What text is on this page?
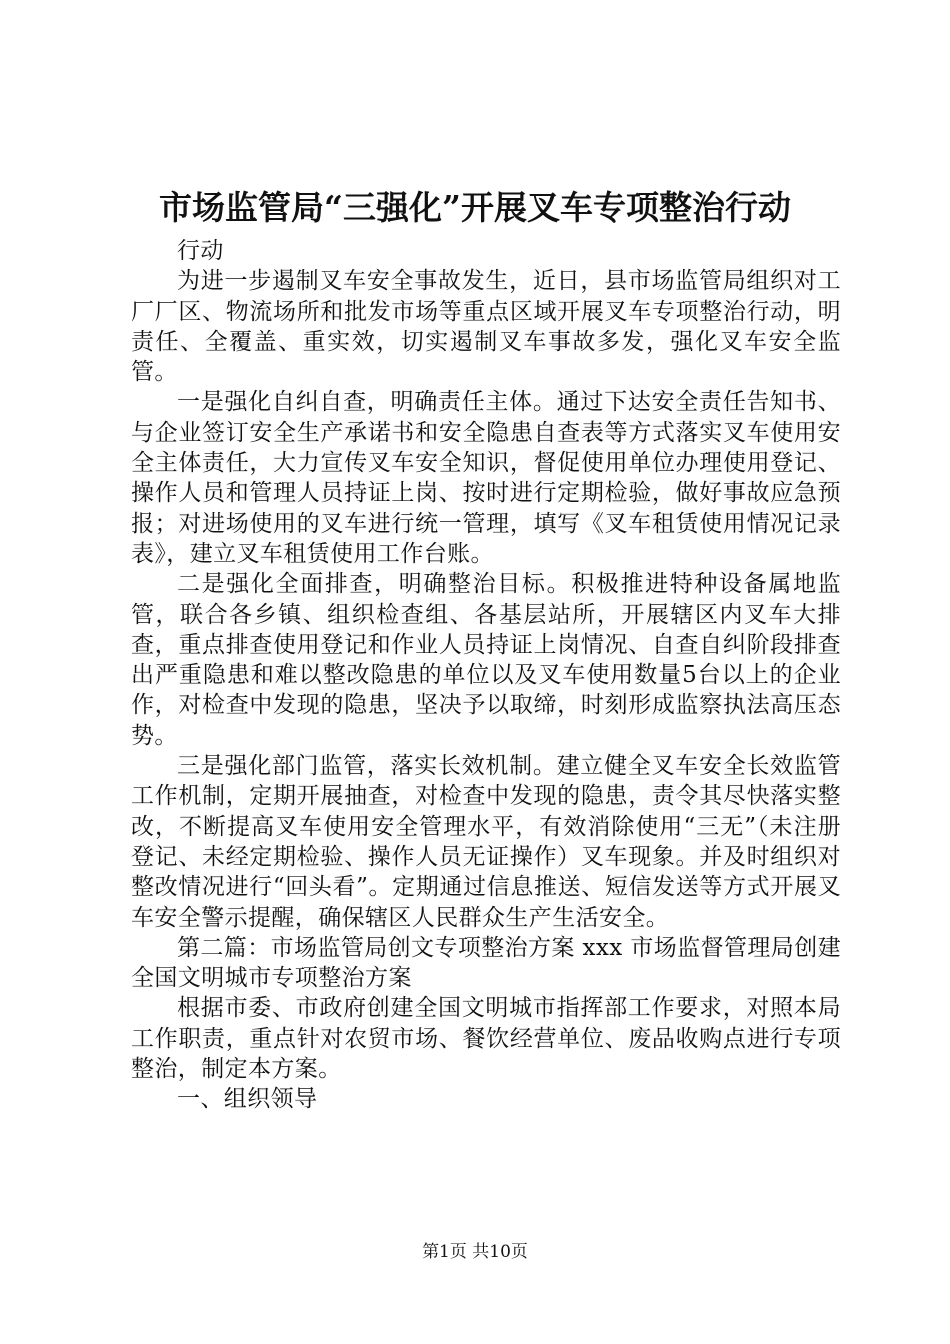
市场监管局“三强化”开展叉车专项整治行动

行动

为进一步遏制叉车安全事故发生，近日，县市场监管局组织对工厂厂区、物流场所和批发市场等重点区域开展叉车专项整治行动，明责任、全覆盖、重实效，切实遏制叉车事故多发，强化叉车安全监管。

一是强化自纠自查，明确责任主体。通过下达安全责任告知书、与企业签订安全生产承诺书和安全隐患自查表等方式落实叉车使用安全主体责任，大力宣传叉车安全知识，督促使用单位办理使用登记、操作人员和管理人员持证上岗、按时进行定期检验，做好事故应急预报；对进场使用的叉车进行统一管理，填写《叉车租赁使用情况记录表》，建立叉车租赁使用工作台账。

二是强化全面排查，明确整治目标。积极推进特种设备属地监管，联合各乡镇、组织检查组、各基层站所，开展辖区内叉车大排查，重点排查使用登记和作业人员持证上岗情况、自查自纠阶段排查出严重隐患和难以整改隐患的单位以及叉车使用数量5台以上的企业作，对检查中发现的隐患，坚决予以取缔，时刻形成监察执法高压态势。

三是强化部门监管，落实长效机制。建立健全叉车安全长效监管工作机制，定期开展抽查，对检查中发现的隐患，责令其尽快落实整改，不断提高叉车使用安全管理水平，有效消除使用“三无”（未注册登记、未经定期检验、操作人员无证操作）叉车现象。并及时组织对整改情况进行“回头看”。定期通过信息推送、短信发送等方式开展叉车安全警示提醒，确保辖区人民群众生产生活安全。

第二篇：市场监管局创文专项整治方案 xxx 市场监督管理局创建全国文明城市专项整治方案

根据市委、市政府创建全国文明城市指挥部工作要求，对照本局工作职责，重点针对农贸市场、餐饮经营单位、废品收购点进行专项整治，制定本方案。

一、组织领导

第1页 共10页
